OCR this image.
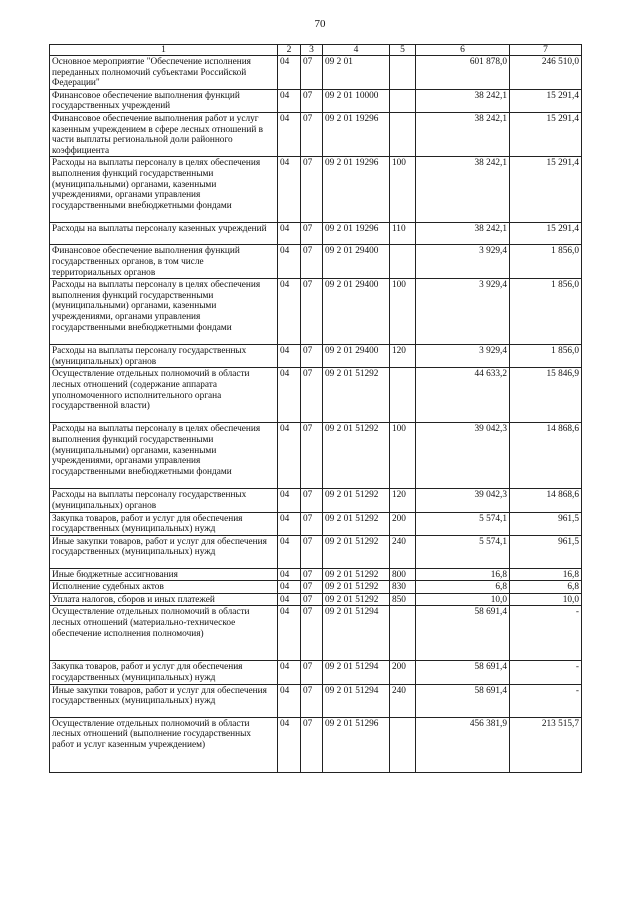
70
1	2	3	4	5	6	7
Основное мероприятие "Обеспечение исполнения переданных полномочий субъектами Российской Федерации"	04	07	09 2 01		601 878,0	246 510,0
Финансовое обеспечение выполнения функций государственных учреждений	04	07	09 2 01 10000		38 242,1	15 291,4
Финансовое обеспечение выполнения работ и услуг казенным учреждением в сфере лесных отношений в части выплаты региональной доли районного коэффициента	04	07	09 2 01 19296		38 242,1	15 291,4
Расходы на выплаты персоналу в целях обеспечения выполнения функций государственными (муниципальными) органами, казенными учреждениями, органами управления государственными внебюджетными фондами	04	07	09 2 01 19296	100	38 242,1	15 291,4
Расходы на выплаты персоналу казенных учреждений	04	07	09 2 01 19296	110	38 242,1	15 291,4
Финансовое обеспечение выполнения функций государственных органов, в том числе территориальных органов	04	07	09 2 01 29400		3 929,4	1 856,0
Расходы на выплаты персоналу в целях обеспечения выполнения функций государственными (муниципальными) органами, казенными учреждениями, органами управления государственными внебюджетными фондами	04	07	09 2 01 29400	100	3 929,4	1 856,0
Расходы на выплаты персоналу государственных (муниципальных) органов	04	07	09 2 01 29400	120	3 929,4	1 856,0
Осуществление отдельных полномочий в области лесных отношений (содержание аппарата уполномоченного исполнительного органа государственной власти)	04	07	09 2 01 51292		44 633,2	15 846,9
Расходы на выплаты персоналу в целях обеспечения выполнения функций государственными (муниципальными) органами, казенными учреждениями, органами управления государственными внебюджетными фондами	04	07	09 2 01 51292	100	39 042,3	14 868,6
Расходы на выплаты персоналу государственных (муниципальных) органов	04	07	09 2 01 51292	120	39 042,3	14 868,6
Закупка товаров, работ и услуг для обеспечения государственных (муниципальных) нужд	04	07	09 2 01 51292	200	5 574,1	961,5
Иные закупки товаров, работ и услуг для обеспечения государственных (муниципальных) нужд	04	07	09 2 01 51292	240	5 574,1	961,5
Иные бюджетные ассигнования	04	07	09 2 01 51292	800	16,8	16,8
Исполнение судебных актов	04	07	09 2 01 51292	830	6,8	6,8
Уплата налогов, сборов и иных платежей	04	07	09 2 01 51292	850	10,0	10,0
Осуществление отдельных полномочий в области лесных отношений (материально-техническое обеспечение исполнения полномочия)	04	07	09 2 01 51294		58 691,4	-
Закупка товаров, работ и услуг для обеспечения государственных (муниципальных) нужд	04	07	09 2 01 51294	200	58 691,4	-
Иные закупки товаров, работ и услуг для обеспечения государственных (муниципальных) нужд	04	07	09 2 01 51294	240	58 691,4	-
Осуществление отдельных полномочий в области лесных отношений (выполнение государственных работ и услуг казенным учреждением)	04	07	09 2 01 51296		456 381,9	213 515,7
